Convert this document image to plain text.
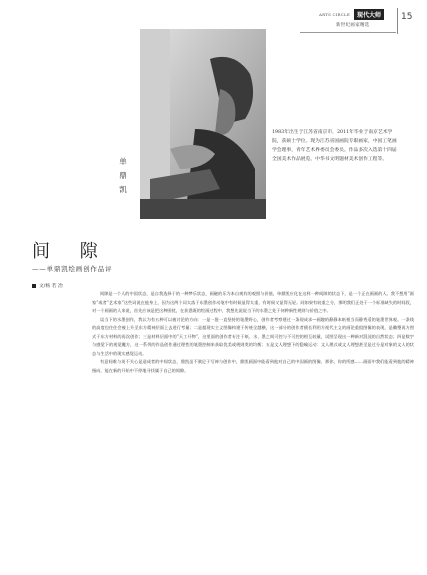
ARTS CIRCLE	现代大师
新世纪画家精选
15
单 鼎 凯
1983年出生于江苏省南京市，2011年毕业于南京艺术学院，获硕士学位。现为江苏省国画院专职画家，中国工笔画学会理事，青年艺术界委员会委员。作品多次入选第十四届全国美术作品展览、中华书文明题材美术创作工程等。
间 隙
——单鼎凯绘画创作品评
文/杨 若 冶

间隙是一个人的中国状态，是自我选择于的一种梦乐状态，画磁的乐为本自观有的观照与价值。单鼎凯应化在这样一种间隙的状态下，是一个正在画画的人。我不想用“画家”或者“艺术家”这些词说在他身上，因为这两个词太落于东墨创作动笔中有时候显得太重，有时候又显得无轻。同如果有较重之分，那明我们正处于一个标准缺失的时间段，对一个画画的人来说，首先应该是把这种困扰，在获悉既的绘画过程中，我想先说说当下的水墨之处于何种新性规则与价值之中。

谈当下的水墨创作，我认为有五种可以被讨论的方向：一是一批一直坚持的笔墨野心，创作者考察建过一条现成求—画趣的静静本纸相当而静秀适的笔墨世界观。一条线的高度也往往会被上升至东方精神层面上去进行考量；二是超现实主义图像构建于传统全越横，这一部分的创作者擅长利用方视代主义的画论重组图像的表现，是雕塑再方图式于东方材料的再次创作；三是材料层面中的“天工开物”，这里面的创作者专注于纸、水、墨之间可控与不可控的相互较量，试图呈现出一种新对混沌的自然状态；四是数字与感觉下的视觉魔方，这一系列的作品创作通过理性的笔墨控制来获取优美或规则类的均衡；五是文人理想下的隐喻运动：文人理式或文人理想甚至是过分是对象的文人的状态与生活中的现实感觉运动。

有意间难与英不关心是造成者的中间状态，鼎凯虽不满足于写神与创作中，鼎凯画面中能看到他对自己的中国画的图像、那你，你的所感……画面中我们能看到他的精神指向，能在新的开始中不停地寻找属于自己的间隙。
